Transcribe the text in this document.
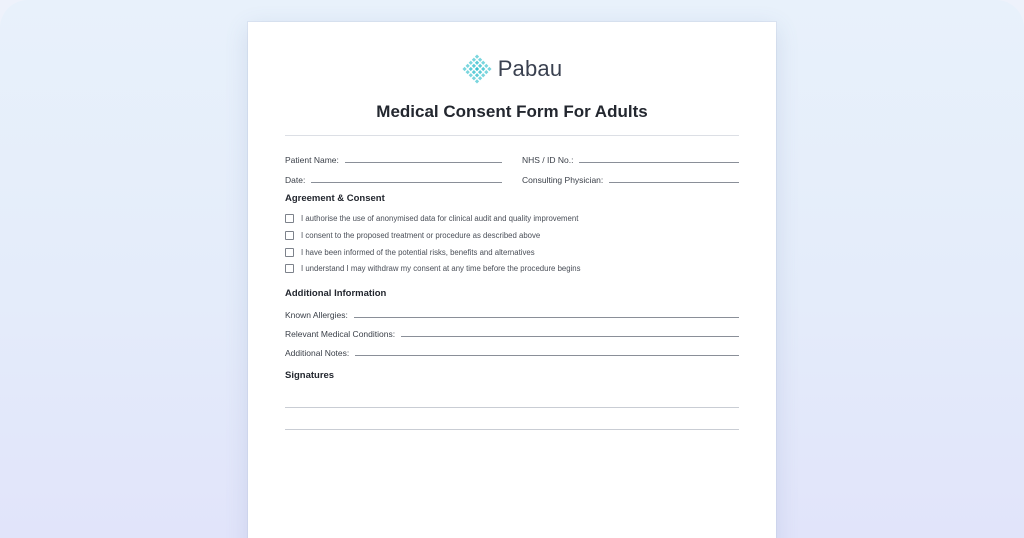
Pabau
Medical Consent Form For Adults
Patient Name:	NHS / ID No.:
Date:	Consulting Physician:
Agreement & Consent
I authorise the use of anonymised data for clinical audit and quality improvement
I consent to the proposed treatment or procedure as described above
I have been informed of the potential risks, benefits and alternatives
I understand I may withdraw my consent at any time before the procedure begins
Additional Information
Known Allergies:
Relevant Medical Conditions:
Additional Notes:
Signatures
